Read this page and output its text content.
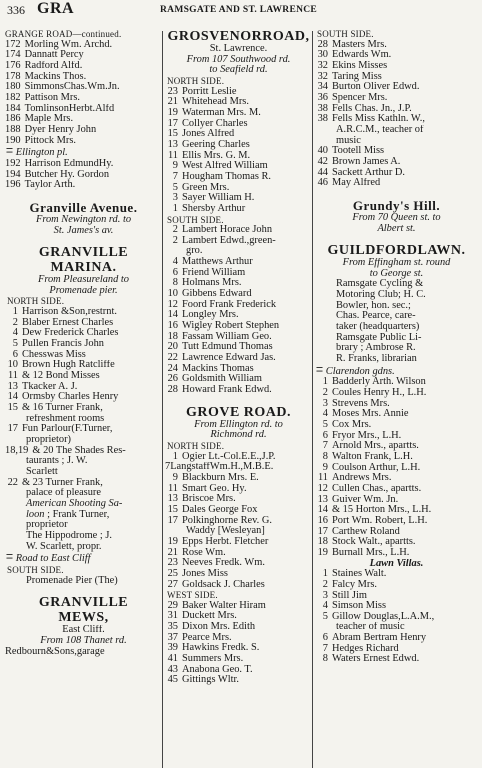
336 GRA	RAMSGATE AND ST. LAWRENCE
GRANGE ROAD—continued.
172 Morling Wm. Archd.
174 Dannatt Percy
176 Radford Alfd.
178 Mackins Thos.
180 SimmonsChas.Wm.Jn.
182 Pattison Mrs.
184 TomlinsonHerbt.Alfd
186 Maple Mrs.
188 Dyer Henry John
190 Pittock Mrs.
= Ellington pl.
192 Harrison EdmundHy.
194 Butcher Hy. Gordon
196 Taylor Arth.
Granville Avenue.
From Newington rd. to
St. James's av.
GRANVILLE
MARINA.
From Pleasureland to
Promenade pier.
NORTH SIDE.
1 Harrison &Son,restrnt.
2 Blaber Ernest Charles
4 Dew Frederick Charles
5 Pullen Francis John
6 Chesswas Miss
10 Brown Hugh Ratcliffe
11 & 12 Bond Misses
13 Tkacker A. J.
14 Ormsby Charles Henry
15 & 16 Turner Frank,
refreshment rooms
17 Fun Parlour(F.Turner,
proprietor)
18,19 & 20 The Shades Res-
taurants ; J. W.
Scarlett
22 & 23 Turner Frank,
palace of pleasure
American Shooting Sa-
loon ; Frank Turner,
proprietor
The Hippodrome ; J.
W. Scarlett, propr.
= Road to East Cliff
SOUTH SIDE.
Promenade Pier (The)
GRANVILLE
MEWS,
East Cliff.
From 108 Thanet rd.
Redbourn&Sons,garage
GROSVENORROAD,
St. Lawrence.
From 107 Southwood rd.
to Seafield rd.
NORTH SIDE.
23 Porritt Leslie
21 Whitehead Mrs.
19 Waterman Mrs. M.
17 Collyer Charles
15 Jones Alfred
13 Geering Charles
11 Ellis Mrs. G. M.
9 West Alfred William
7 Hougham Thomas R.
5 Green Mrs.
3 Sayer William H.
1 Shersby Arthur
SOUTH SIDE.
2 Lambert Horace John
2 Lambert Edwd.,green-
gro.
4 Matthews Arthur
6 Friend William
8 Holmans Mrs.
10 Gibbens Edward
12 Foord Frank Frederick
14 Longley Mrs.
16 Wigley Robert Stephen
18 Fassam William Geo.
20 Tutt Edmund Thomas
22 Lawrence Edward Jas.
24 Mackins Thomas
26 Goldsmith William
28 Howard Frank Edwd.
GROVE ROAD.
From Ellington rd. to
Richmond rd.
NORTH SIDE.
1 Ogier Lt.-Col.E.E.,J.P.
7LangstaffWm.H.,M.B.E.
9 Blackburn Mrs. E.
11 Smart Geo. Hy.
13 Briscoe Mrs.
15 Dales George Fox
17 Polkinghorne Rev. G.
Waddy [Wesleyan]
19 Epps Herbt. Fletcher
21 Rose Wm.
23 Neeves Fredk. Wm.
25 Jones Miss
27 Goldsack J. Charles
WEST SIDE.
29 Baker Walter Hiram
31 Duckett Mrs.
35 Dixon Mrs. Edith
37 Pearce Mrs.
39 Hawkins Fredk. S.
41 Summers Mrs.
43 Anabona Geo. T.
45 Gittings Wltr.
SOUTH SIDE.
28 Masters Mrs.
30 Edwards Wm.
32 Ekins Misses
32 Taring Miss
34 Burton Oliver Edwd.
36 Spencer Mrs.
38 Fells Chas. Jn., J.P.
38 Fells Miss Kathln. W.,
A.R.C.M., teacher of
music
40 Tootell Miss
42 Brown James A.
44 Sackett Arthur D.
46 May Alfred
Grundy's Hill.
From 70 Queen st. to
Albert st.
GUILDFORDLAWN.
From Effingham st. round
to George st.
Ramsgate Cycling &
Motoring Club; H. C.
Bowler, hon. sec.;
Chas. Pearce, care-
taker (headquarters)
Ramsgate Public Li-
brary ; Ambrose R.
R. Franks, librarian
= Clarendon gdns.
1 Badderly Arth. Wilson
2 Coules Henry H., L.H.
3 Strevens Mrs.
4 Moses Mrs. Annie
5 Cox Mrs.
6 Fryor Mrs., L.H.
7 Arnold Mrs., apartts.
8 Walton Frank, L.H.
9 Coulson Arthur, L.H.
11 Andrews Mrs.
12 Cullen Chas., apartts.
13 Guiver Wm. Jn.
14 & 15 Horton Mrs., L.H.
16 Port Wm. Robert, L.H.
17 Carthew Roland
18 Stock Walt., apartts.
19 Burnall Mrs., L.H.
Lawn Villas.
1 Staines Walt.
2 Falcy Mrs.
3 Still Jim
4 Simson Miss
5 Gillow Douglas,L.A.M.,
teacher of music
6 Abram Bertram Henry
7 Hedges Richard
8 Waters Ernest Edwd.
